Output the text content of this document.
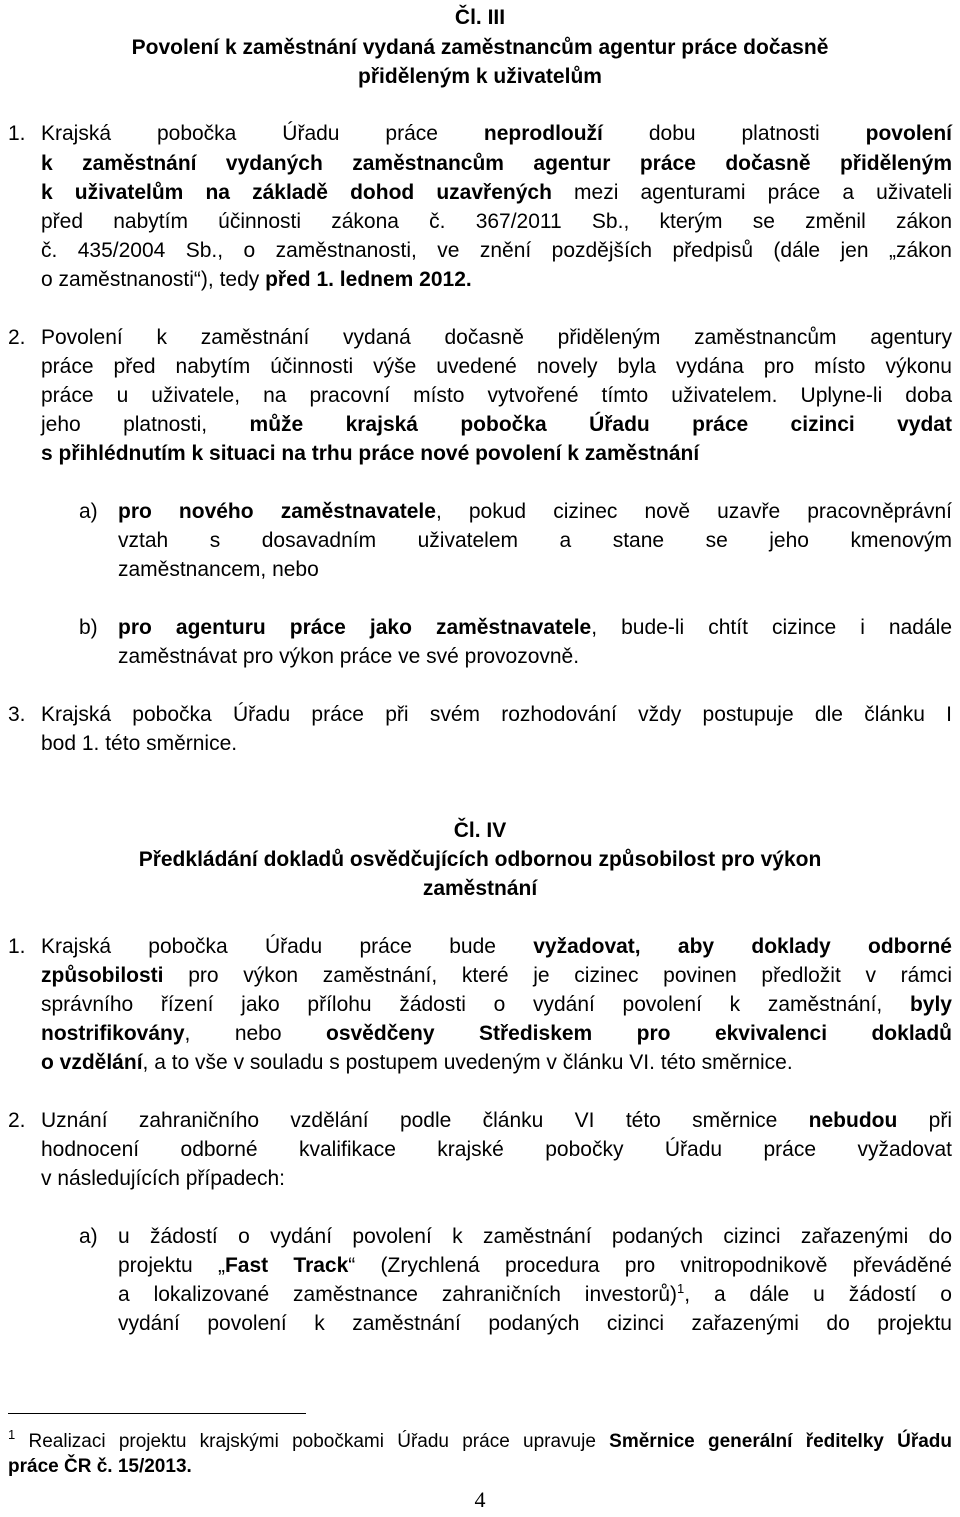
Čl. III
Povolení k zaměstnání vydaná zaměstnancům agentur práce dočasně
přiděleným k uživatelům
1. Krajská pobočka Úřadu práce neprodlouží dobu platnosti povolení
k zaměstnání vydaných zaměstnancům agentur práce dočasně přiděleným
k uživatelům na základě dohod uzavřených mezi agenturami práce a uživateli
před nabytím účinnosti zákona č. 367/2011 Sb., kterým se změnil zákon
č. 435/2004 Sb., o zaměstnanosti, ve znění pozdějších předpisů (dále jen „zákon
o zaměstnanosti“), tedy před 1. lednem 2012.
2. Povolení k zaměstnání vydaná dočasně přiděleným zaměstnancům agentury
práce před nabytím účinnosti výše uvedené novely byla vydána pro místo výkonu
práce u uživatele, na pracovní místo vytvořené tímto uživatelem. Uplyne-li doba
jeho platnosti, může krajská pobočka Úřadu práce cizinci vydat
s přihlédnutím k situaci na trhu práce nové povolení k zaměstnání
a) pro nového zaměstnavatele, pokud cizinec nově uzavře pracovněprávní
vztah s dosavadním uživatelem a stane se jeho kmenovým
zaměstnancem, nebo
b) pro agenturu práce jako zaměstnavatele, bude-li chtít cizince i nadále
zaměstnávat pro výkon práce ve své provozovně.
3. Krajská pobočka Úřadu práce při svém rozhodování vždy postupuje dle článku I
bod 1. této směrnice.
Čl. IV
Předkládání dokladů osvědčujících odbornou způsobilost pro výkon
zaměstnání
1. Krajská pobočka Úřadu práce bude vyžadovat, aby doklady odborné
způsobilosti pro výkon zaměstnání, které je cizinec povinen předložit v rámci
správního řízení jako přílohu žádosti o vydání povolení k zaměstnání, byly
nostrifikovány, nebo osvědčeny Střediskem pro ekvivalenci dokladů
o vzdělání, a to vše v souladu s postupem uvedeným v článku VI. této směrnice.
2. Uznání zahraničního vzdělání podle článku VI této směrnice nebudou při
hodnocení odborné kvalifikace krajské pobočky Úřadu práce vyžadovat
v následujících případech:
a) u žádostí o vydání povolení k zaměstnání podaných cizinci zařazenými do
projektu „Fast Track“ (Zrychlená procedura pro vnitropodnikově převáděné
a lokalizované zaměstnance zahraničních investorů)$^1$, a dále u žádostí o
vydání povolení k zaměstnání podaných cizinci zařazenými do projektu
$^1$ Realizaci projektu krajskými pobočkami Úřadu práce upravuje Směrnice generální ředitelky Úřadu
práce ČR č. 15/2013.
4
